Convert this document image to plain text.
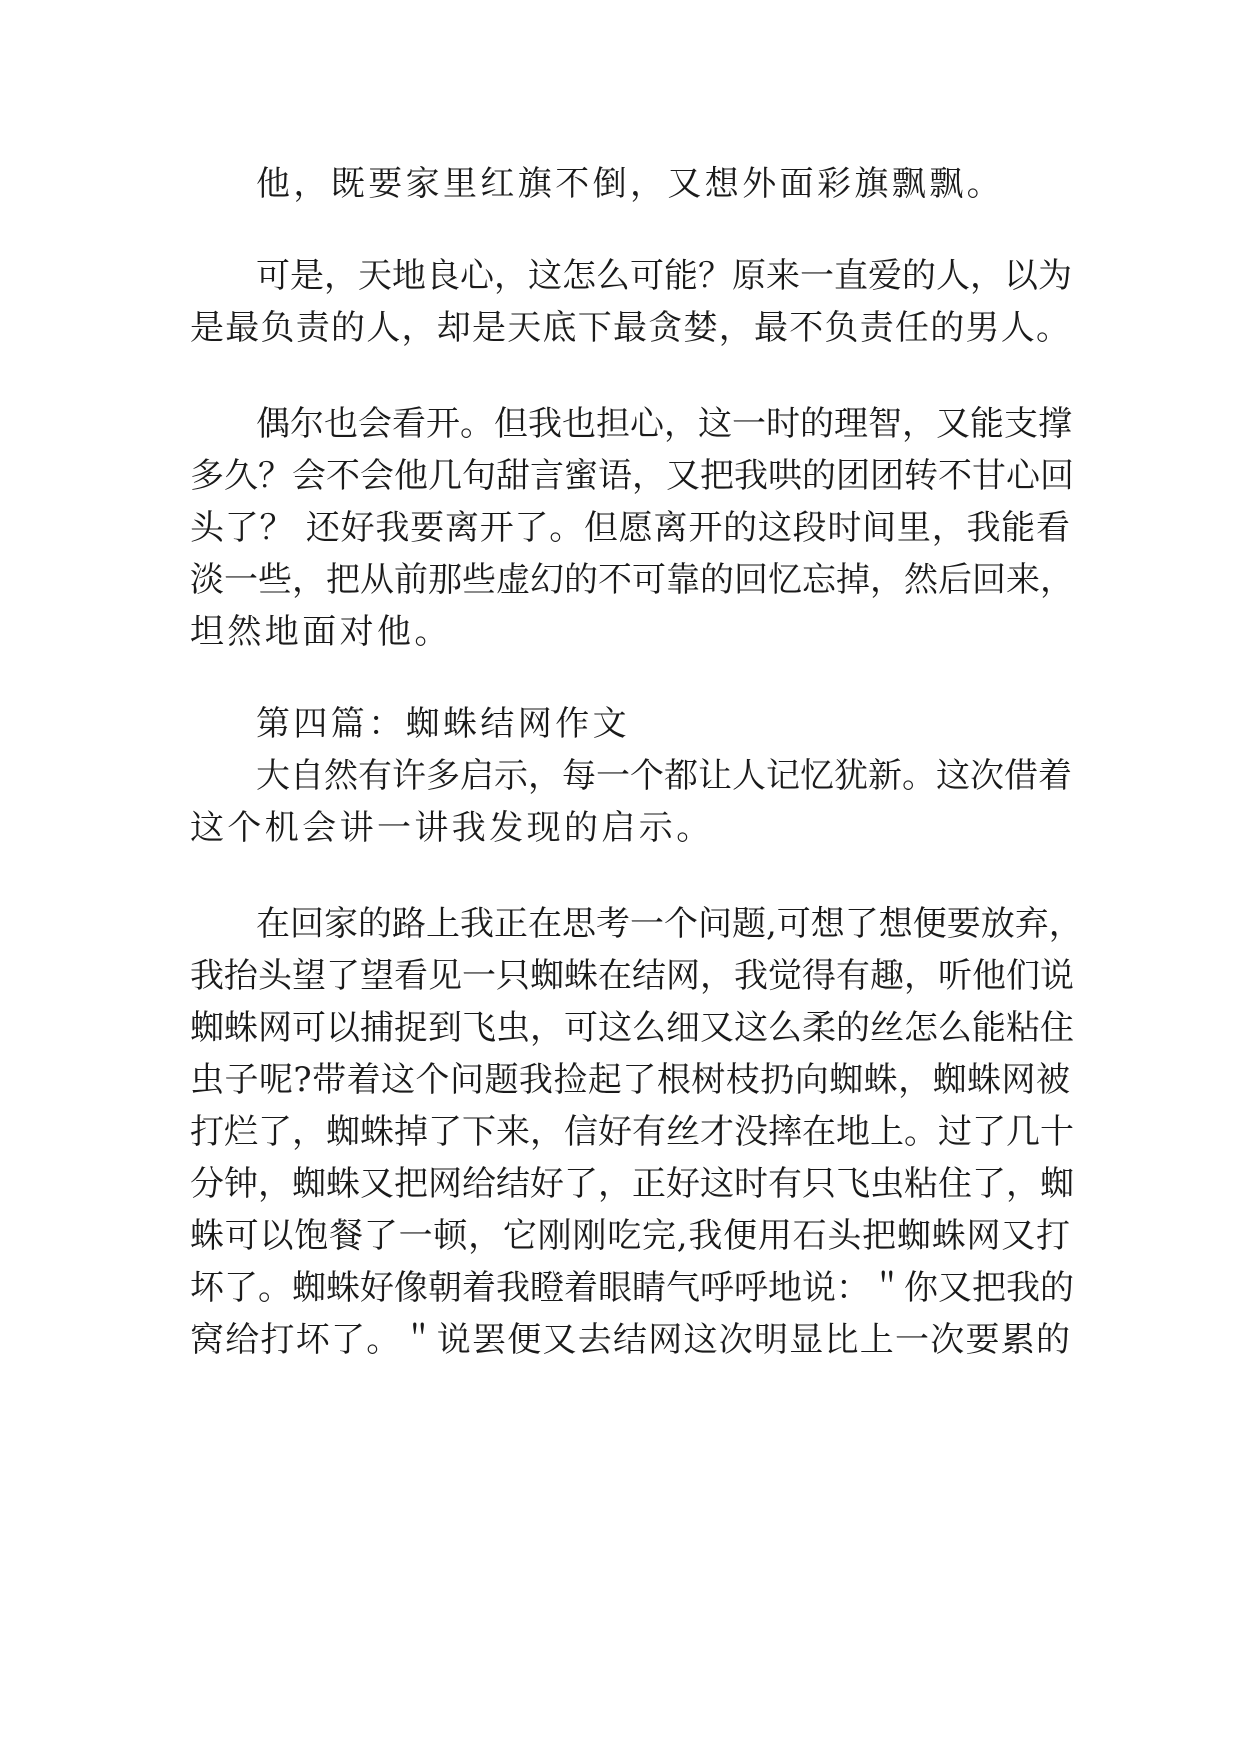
他，既要家里红旗不倒，又想外面彩旗飘飘。
可是，天地良心，这怎么可能？原来一直爱的人，以为
是最负责的人，却是天底下最贪婪，最不负责任的男人。
偶尔也会看开。但我也担心，这一时的理智，又能支撑
多久？会不会他几句甜言蜜语，又把我哄的团团转不甘心回
头了？ 还好我要离开了。但愿离开的这段时间里，我能看
淡一些，把从前那些虚幻的不可靠的回忆忘掉，然后回来，
坦然地面对他。
第四篇：蜘蛛结网作文
大自然有许多启示，每一个都让人记忆犹新。这次借着
这个机会讲一讲我发现的启示。
在回家的路上我正在思考一个问题,可想了想便要放弃，
我抬头望了望看见一只蜘蛛在结网，我觉得有趣，听他们说
蜘蛛网可以捕捉到飞虫，可这么细又这么柔的丝怎么能粘住
虫子呢?带着这个问题我捡起了根树枝扔向蜘蛛，蜘蛛网被
打烂了，蜘蛛掉了下来，信好有丝才没摔在地上。过了几十
分钟，蜘蛛又把网给结好了，正好这时有只飞虫粘住了，蜘
蛛可以饱餐了一顿，它刚刚吃完,我便用石头把蜘蛛网又打
坏了。蜘蛛好像朝着我瞪着眼睛气呼呼地说：＂你又把我的
窝给打坏了。＂说罢便又去结网这次明显比上一次要累的
